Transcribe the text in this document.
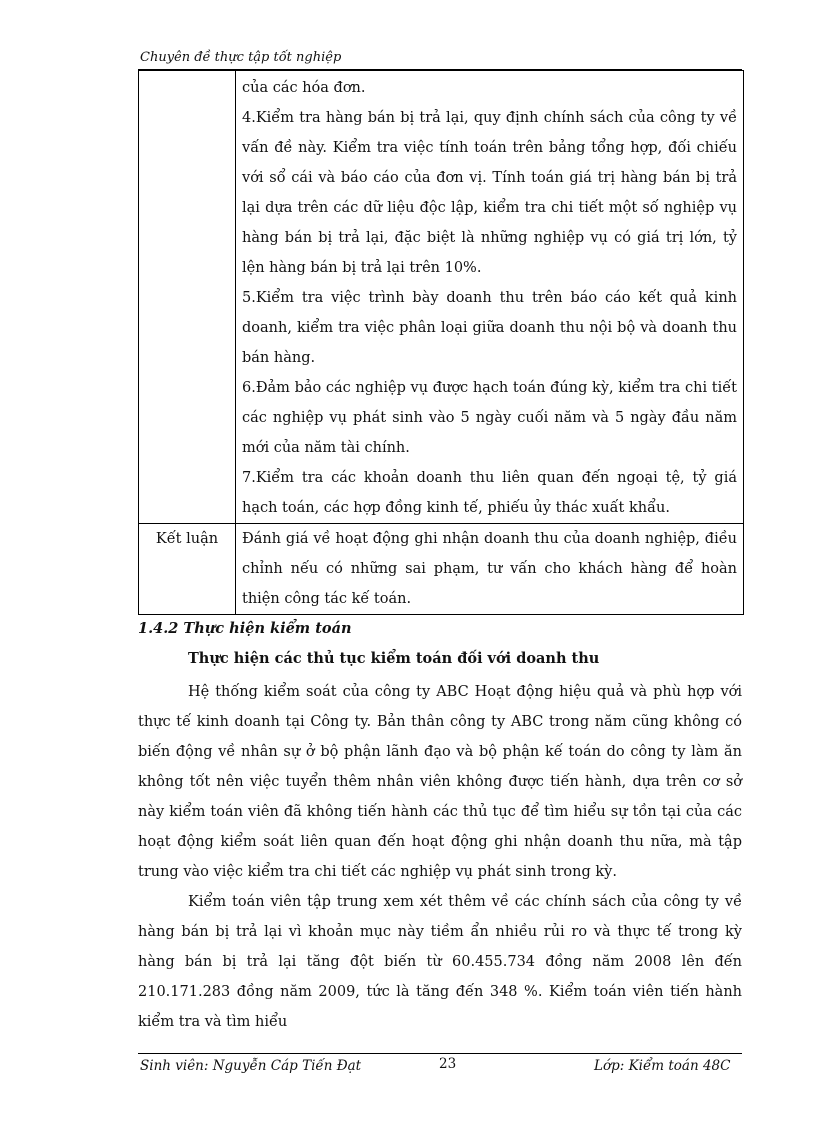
Chuyên đề thực tập tốt nghiệp

	của các hóa đơn.

4.Kiểm tra hàng bán bị trả lại, quy định chính sách của công ty về vấn đề này. Kiểm tra việc tính toán trên bảng tổng hợp, đối chiếu với sổ cái và báo cáo của đơn vị. Tính toán giá trị hàng bán bị trả lại dựa trên các dữ liệu độc lập, kiểm tra chi tiết một số nghiệp vụ hàng bán bị trả lại, đặc biệt là những nghiệp vụ có giá trị lớn, tỷ lện hàng bán bị trả lại trên 10%.

5.Kiểm tra việc trình bày doanh thu trên báo cáo kết quả kinh doanh, kiểm tra việc phân loại giữa doanh thu nội bộ và doanh thu bán hàng.

6.Đảm bảo các nghiệp vụ được hạch toán đúng kỳ, kiểm tra chi tiết các nghiệp vụ phát sinh vào 5 ngày cuối năm và 5 ngày đầu năm mới của năm tài chính.

7.Kiểm tra các khoản doanh thu liên quan đến ngoại tệ, tỷ giá hạch toán, các hợp đồng kinh tế, phiếu ủy thác xuất khẩu.

Kết luận	Đánh giá về hoạt động ghi nhận doanh thu của doanh nghiệp, điều chỉnh nếu có những sai phạm, tư vấn cho khách hàng để hoàn thiện công tác kế toán.
1.4.2 Thực hiện kiểm toán
Thực hiện các thủ tục kiểm toán đối với doanh thu

Hệ thống kiểm soát của công ty ABC Hoạt động hiệu quả và phù hợp với thực tế kinh doanh tại Công ty. Bản thân công ty ABC trong năm cũng không có biến động về nhân sự ở bộ phận lãnh đạo và bộ phận kế toán do công ty làm ăn không tốt nên việc tuyển thêm nhân viên không được tiến hành, dựa trên cơ sở này kiểm toán viên đã không tiến hành các thủ tục để tìm hiểu sự tồn tại của các hoạt động kiểm soát liên quan đến hoạt động ghi nhận doanh thu nữa, mà tập trung vào việc kiểm tra chi tiết các nghiệp vụ phát sinh trong kỳ.

Kiểm toán viên tập trung xem xét thêm về các chính sách của công ty về hàng bán bị trả lại vì khoản mục này tiềm ẩn nhiều rủi ro và thực tế trong kỳ hàng bán bị trả lại tăng đột biến từ 60.455.734 đồng năm 2008 lên đến 210.171.283 đồng năm 2009, tức là tăng đến 348 %. Kiểm toán viên tiến hành kiểm tra và tìm hiểu

Sinh viên: Nguyễn Cáp Tiến Đạt	23	Lớp: Kiểm toán 48C
